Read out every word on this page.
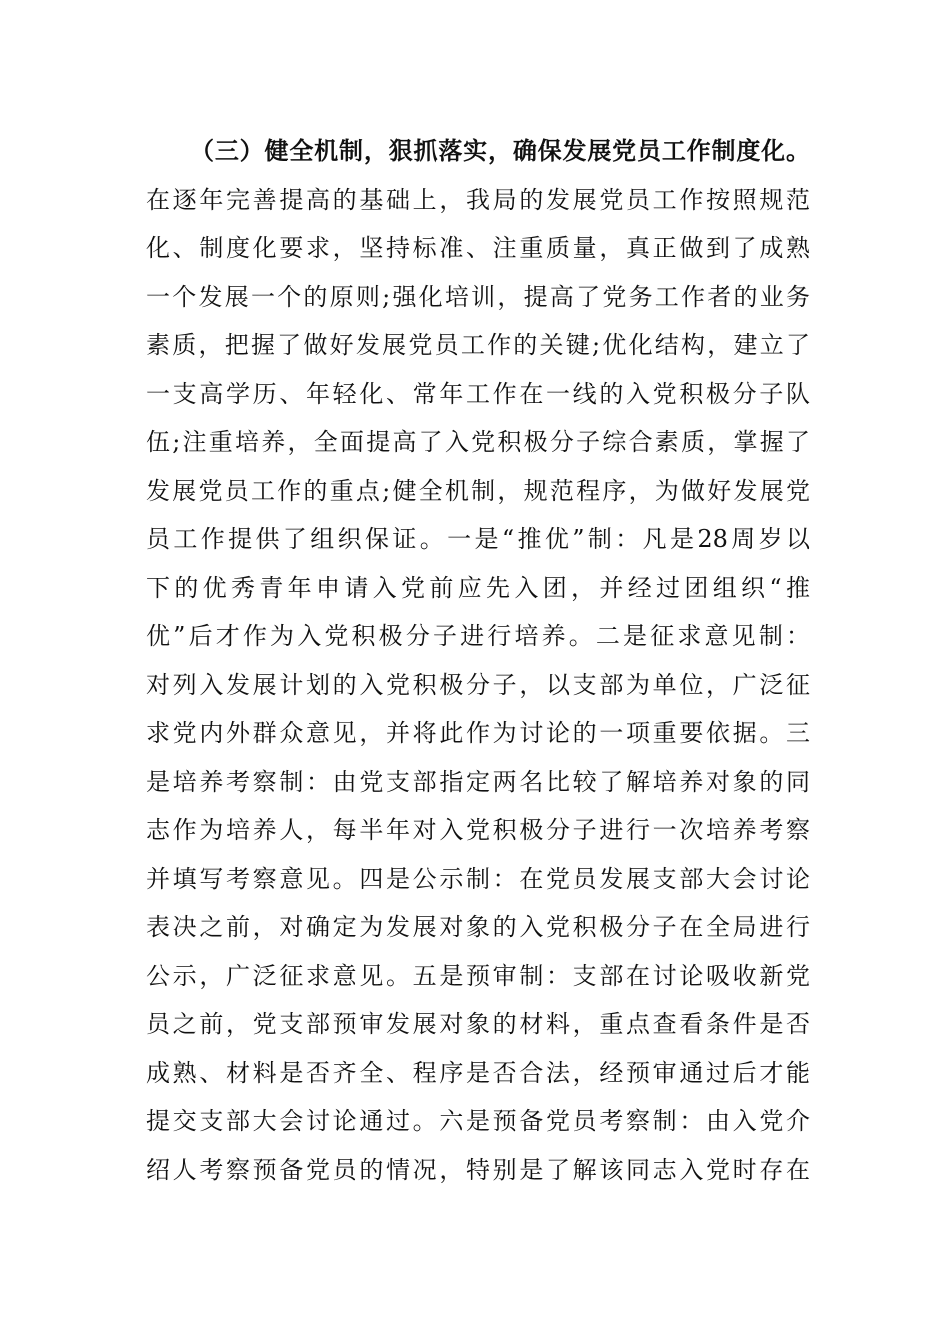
（三）健全机制，狠抓落实，确保发展党员工作制度化。
在逐年完善提高的基础上，我局的发展党员工作按照规范
化、制度化要求，坚持标准、注重质量，真正做到了成熟
一个发展一个的原则;强化培训，提高了党务工作者的业务
素质，把握了做好发展党员工作的关键;优化结构，建立了
一支高学历、年轻化、常年工作在一线的入党积极分子队
伍;注重培养，全面提高了入党积极分子综合素质，掌握了
发展党员工作的重点;健全机制，规范程序，为做好发展党
员工作提供了组织保证。一是“推优”制：凡是28周岁以
下的优秀青年申请入党前应先入团，并经过团组织“推
优”后才作为入党积极分子进行培养。二是征求意见制：
对列入发展计划的入党积极分子，以支部为单位，广泛征
求党内外群众意见，并将此作为讨论的一项重要依据。三
是培养考察制：由党支部指定两名比较了解培养对象的同
志作为培养人，每半年对入党积极分子进行一次培养考察
并填写考察意见。四是公示制：在党员发展支部大会讨论
表决之前，对确定为发展对象的入党积极分子在全局进行
公示，广泛征求意见。五是预审制：支部在讨论吸收新党
员之前，党支部预审发展对象的材料，重点查看条件是否
成熟、材料是否齐全、程序是否合法，经预审通过后才能
提交支部大会讨论通过。六是预备党员考察制：由入党介
绍人考察预备党员的情况，特别是了解该同志入党时存在
